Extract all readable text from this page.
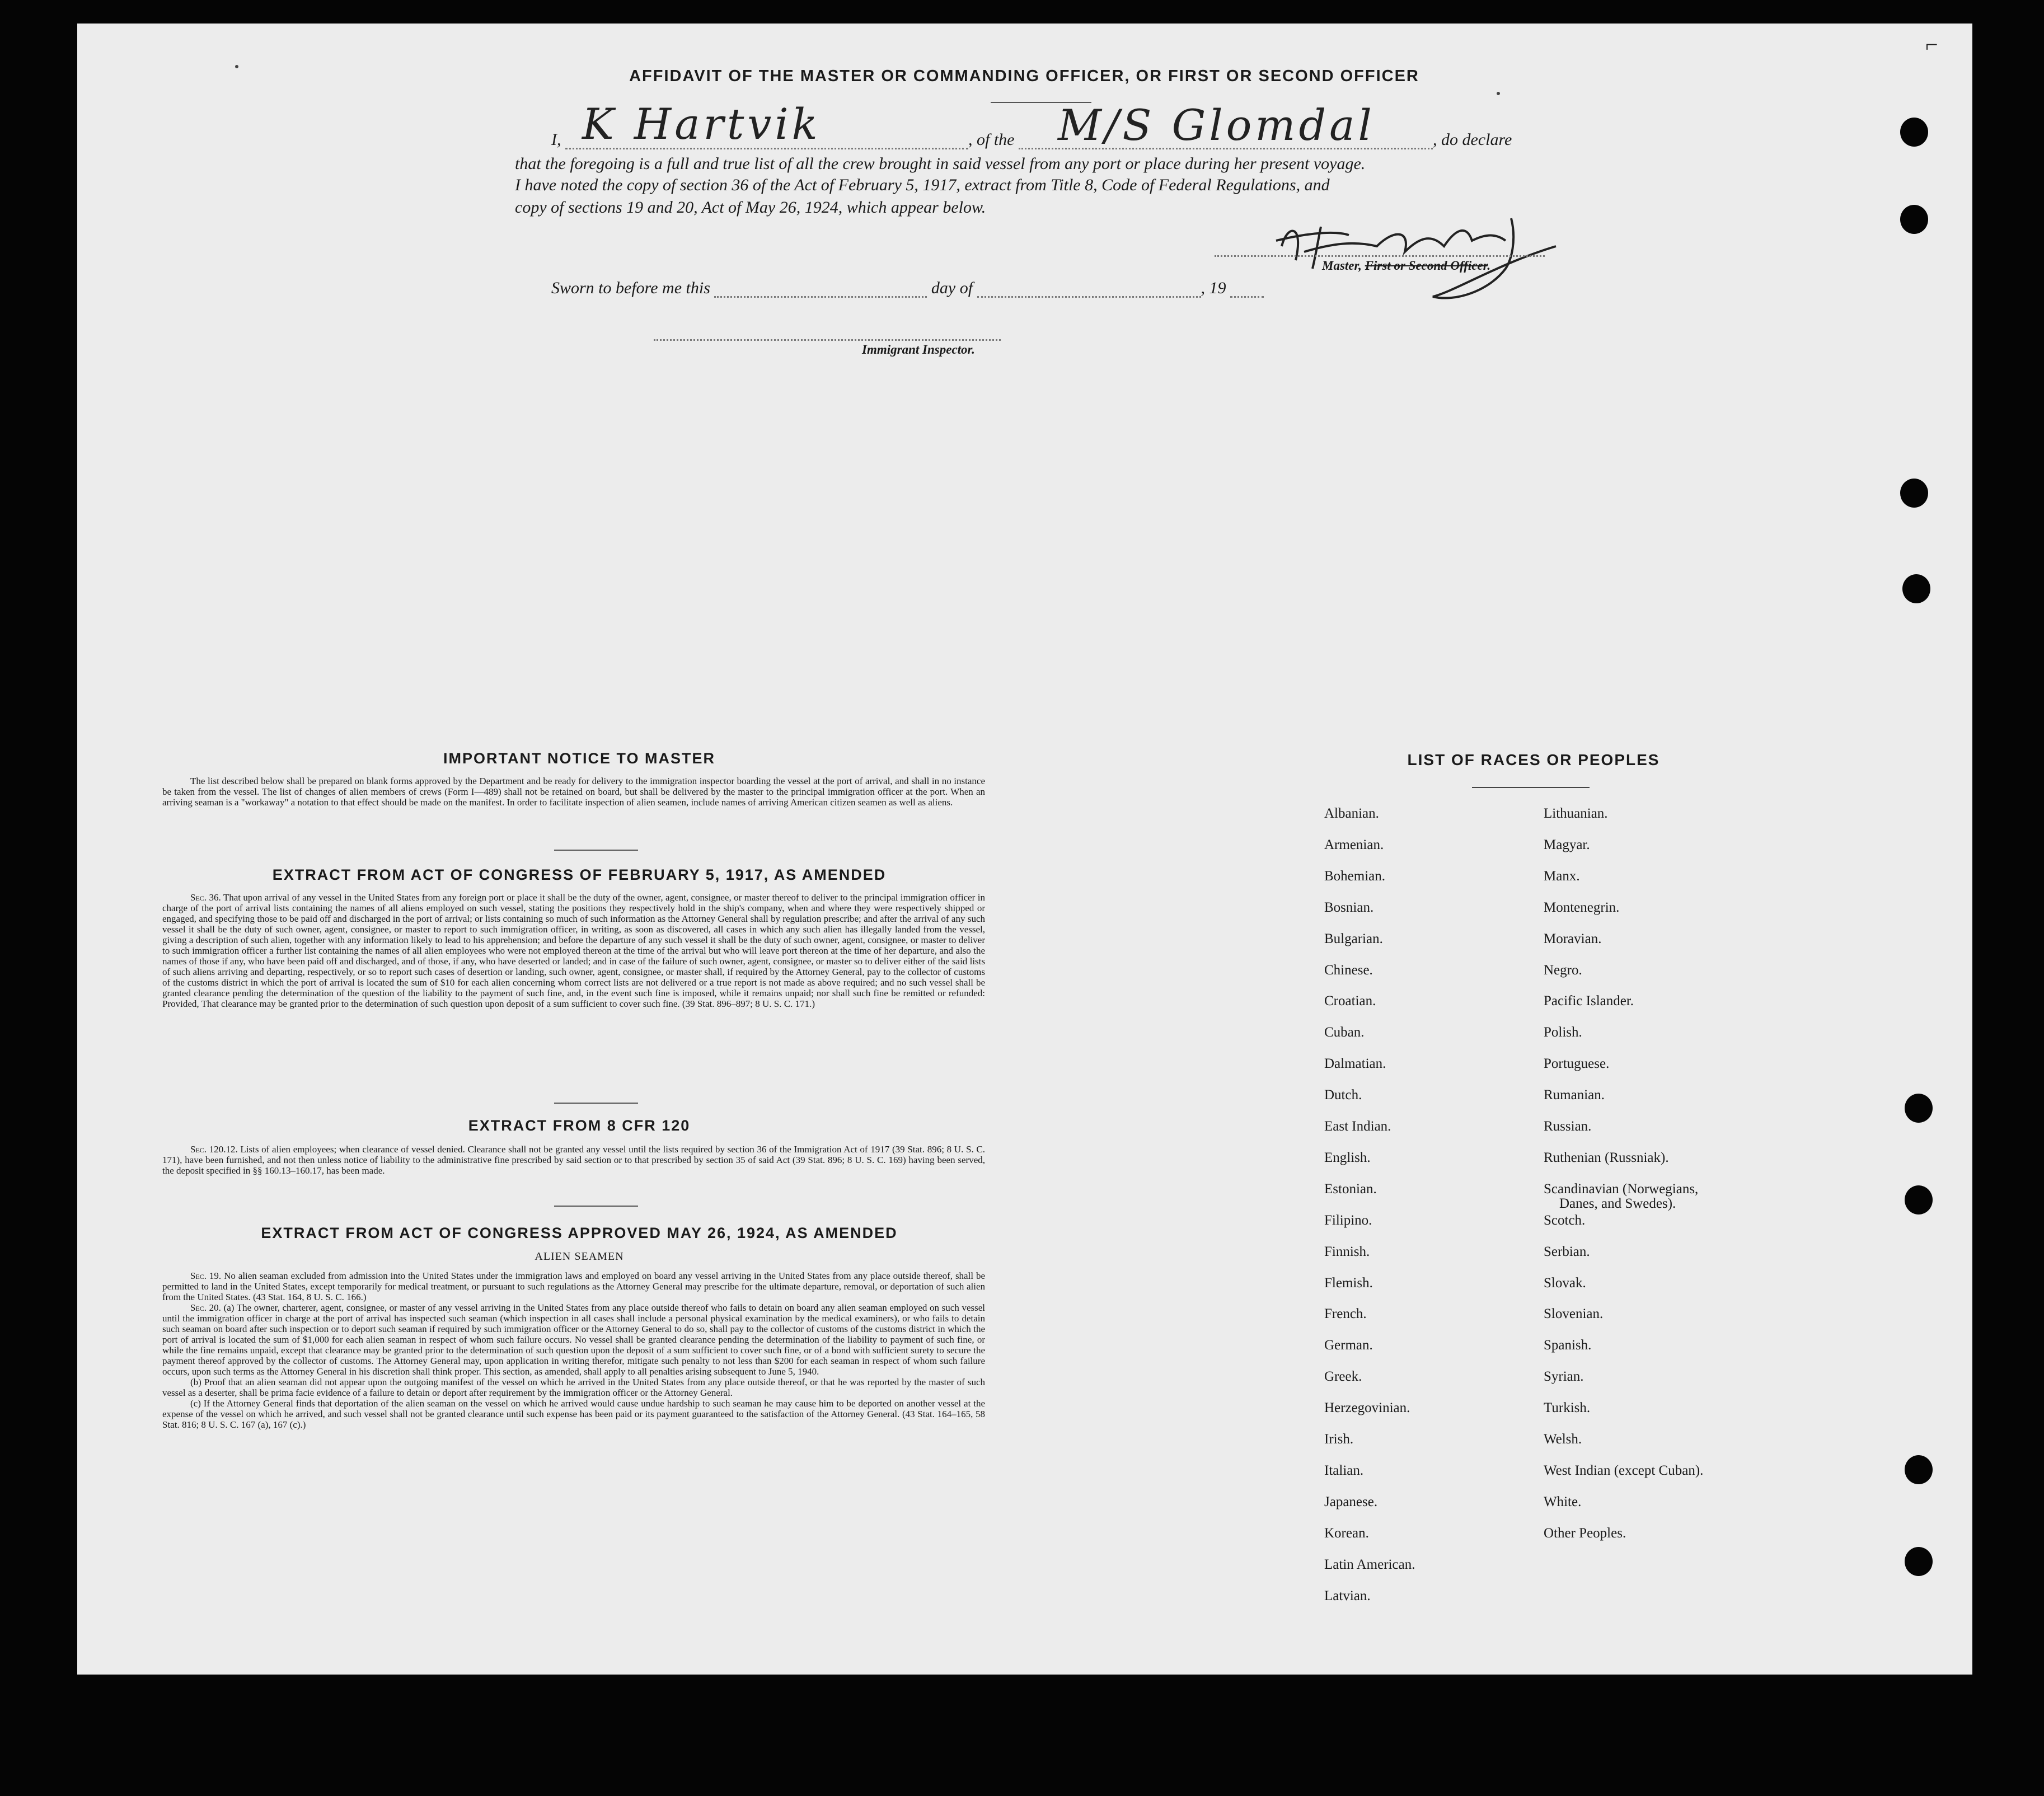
⌐
AFFIDAVIT OF THE MASTER OR COMMANDING OFFICER, OR FIRST OR SECOND OFFICER
I, K Hartvik	, of the M/S Glomdal	, do declare
that the foregoing is a full and true list of all the crew brought in said vessel from any port or place during her present voyage.
I have noted the copy of section 36 of the Act of February 5, 1917, extract from Title 8, Code of Federal Regulations, and
copy of sections 19 and 20, Act of May 26, 1924, which appear below.
Master, First or Second Officer.
Sworn to before me this	day of	, 19
Immigrant Inspector.
IMPORTANT NOTICE TO MASTER

The list described below shall be prepared on blank forms approved by the Department and be ready for delivery to the immigration inspector boarding the vessel at the port of arrival, and shall in no instance be taken from the vessel. The list of changes of alien members of crews (Form I—489) shall not be retained on board, but shall be delivered by the master to the principal immigration officer at the port. When an arriving seaman is a "workaway" a notation to that effect should be made on the manifest. In order to facilitate inspection of alien seamen, include names of arriving American citizen seamen as well as aliens.

EXTRACT FROM ACT OF CONGRESS OF FEBRUARY 5, 1917, AS AMENDED

Sec. 36. That upon arrival of any vessel in the United States from any foreign port or place it shall be the duty of the owner, agent, consignee, or master thereof to deliver to the principal immigration officer in charge of the port of arrival lists containing the names of all aliens employed on such vessel, stating the positions they respectively hold in the ship's company, when and where they were respectively shipped or engaged, and specifying those to be paid off and discharged in the port of arrival; or lists containing so much of such information as the Attorney General shall by regulation prescribe; and after the arrival of any such vessel it shall be the duty of such owner, agent, consignee, or master to report to such immigration officer, in writing, as soon as discovered, all cases in which any such alien has illegally landed from the vessel, giving a description of such alien, together with any information likely to lead to his apprehension; and before the departure of any such vessel it shall be the duty of such owner, agent, consignee, or master to deliver to such immigration officer a further list containing the names of all alien employees who were not employed thereon at the time of the arrival but who will leave port thereon at the time of her departure, and also the names of those if any, who have been paid off and discharged, and of those, if any, who have deserted or landed; and in case of the failure of such owner, agent, consignee, or master so to deliver either of the said lists of such aliens arriving and departing, respectively, or so to report such cases of desertion or landing, such owner, agent, consignee, or master shall, if required by the Attorney General, pay to the collector of customs of the customs district in which the port of arrival is located the sum of $10 for each alien concerning whom correct lists are not delivered or a true report is not made as above required; and no such vessel shall be granted clearance pending the determination of the question of the liability to the payment of such fine, and, in the event such fine is imposed, while it remains unpaid; nor shall such fine be remitted or refunded: Provided, That clearance may be granted prior to the determination of such question upon deposit of a sum sufficient to cover such fine. (39 Stat. 896–897; 8 U. S. C. 171.)

EXTRACT FROM 8 CFR 120

Sec. 120.12. Lists of alien employees; when clearance of vessel denied. Clearance shall not be granted any vessel until the lists required by section 36 of the Immigration Act of 1917 (39 Stat. 896; 8 U. S. C. 171), have been furnished, and not then unless notice of liability to the administrative fine prescribed by said section or to that prescribed by section 35 of said Act (39 Stat. 896; 8 U. S. C. 169) having been served, the deposit specified in §§ 160.13–160.17, has been made.

EXTRACT FROM ACT OF CONGRESS APPROVED MAY 26, 1924, AS AMENDED
ALIEN SEAMEN

Sec. 19. No alien seaman excluded from admission into the United States under the immigration laws and employed on board any vessel arriving in the United States from any place outside thereof, shall be permitted to land in the United States, except temporarily for medical treatment, or pursuant to such regulations as the Attorney General may prescribe for the ultimate departure, removal, or deportation of such alien from the United States. (43 Stat. 164, 8 U. S. C. 166.)

Sec. 20. (a) The owner, charterer, agent, consignee, or master of any vessel arriving in the United States from any place outside thereof who fails to detain on board any alien seaman employed on such vessel until the immigration officer in charge at the port of arrival has inspected such seaman (which inspection in all cases shall include a personal physical examination by the medical examiners), or who fails to detain such seaman on board after such inspection or to deport such seaman if required by such immigration officer or the Attorney General to do so, shall pay to the collector of customs of the customs district in which the port of arrival is located the sum of $1,000 for each alien seaman in respect of whom such failure occurs. No vessel shall be granted clearance pending the determination of the liability to payment of such fine, or while the fine remains unpaid, except that clearance may be granted prior to the determination of such question upon the deposit of a sum sufficient to cover such fine, or of a bond with sufficient surety to secure the payment thereof approved by the collector of customs. The Attorney General may, upon application in writing therefor, mitigate such penalty to not less than $200 for each seaman in respect of whom such failure occurs, upon such terms as the Attorney General in his discretion shall think proper. This section, as amended, shall apply to all penalties arising subsequent to June 5, 1940.

(b) Proof that an alien seaman did not appear upon the outgoing manifest of the vessel on which he arrived in the United States from any place outside thereof, or that he was reported by the master of such vessel as a deserter, shall be prima facie evidence of a failure to detain or deport after requirement by the immigration officer or the Attorney General.

(c) If the Attorney General finds that deportation of the alien seaman on the vessel on which he arrived would cause undue hardship to such seaman he may cause him to be deported on another vessel at the expense of the vessel on which he arrived, and such vessel shall not be granted clearance until such expense has been paid or its payment guaranteed to the satisfaction of the Attorney General. (43 Stat. 164–165, 58 Stat. 816; 8 U. S. C. 167 (a), 167 (c).)

LIST OF RACES OR PEOPLES
Albanian.
Armenian.
Bohemian.
Bosnian.
Bulgarian.
Chinese.
Croatian.
Cuban.
Dalmatian.
Dutch.
East Indian.
English.
Estonian.
Filipino.
Finnish.
Flemish.
French.
German.
Greek.
Herzegovinian.
Irish.
Italian.
Japanese.
Korean.
Latin American.
Latvian.
Lithuanian.
Magyar.
Manx.
Montenegrin.
Moravian.
Negro.
Pacific Islander.
Polish.
Portuguese.
Rumanian.
Russian.
Ruthenian (Russniak).
Scandinavian (Norwegians,
Danes, and Swedes).
Scotch.
Serbian.
Slovak.
Slovenian.
Spanish.
Syrian.
Turkish.
Welsh.
West Indian (except Cuban).
White.
Other Peoples.
